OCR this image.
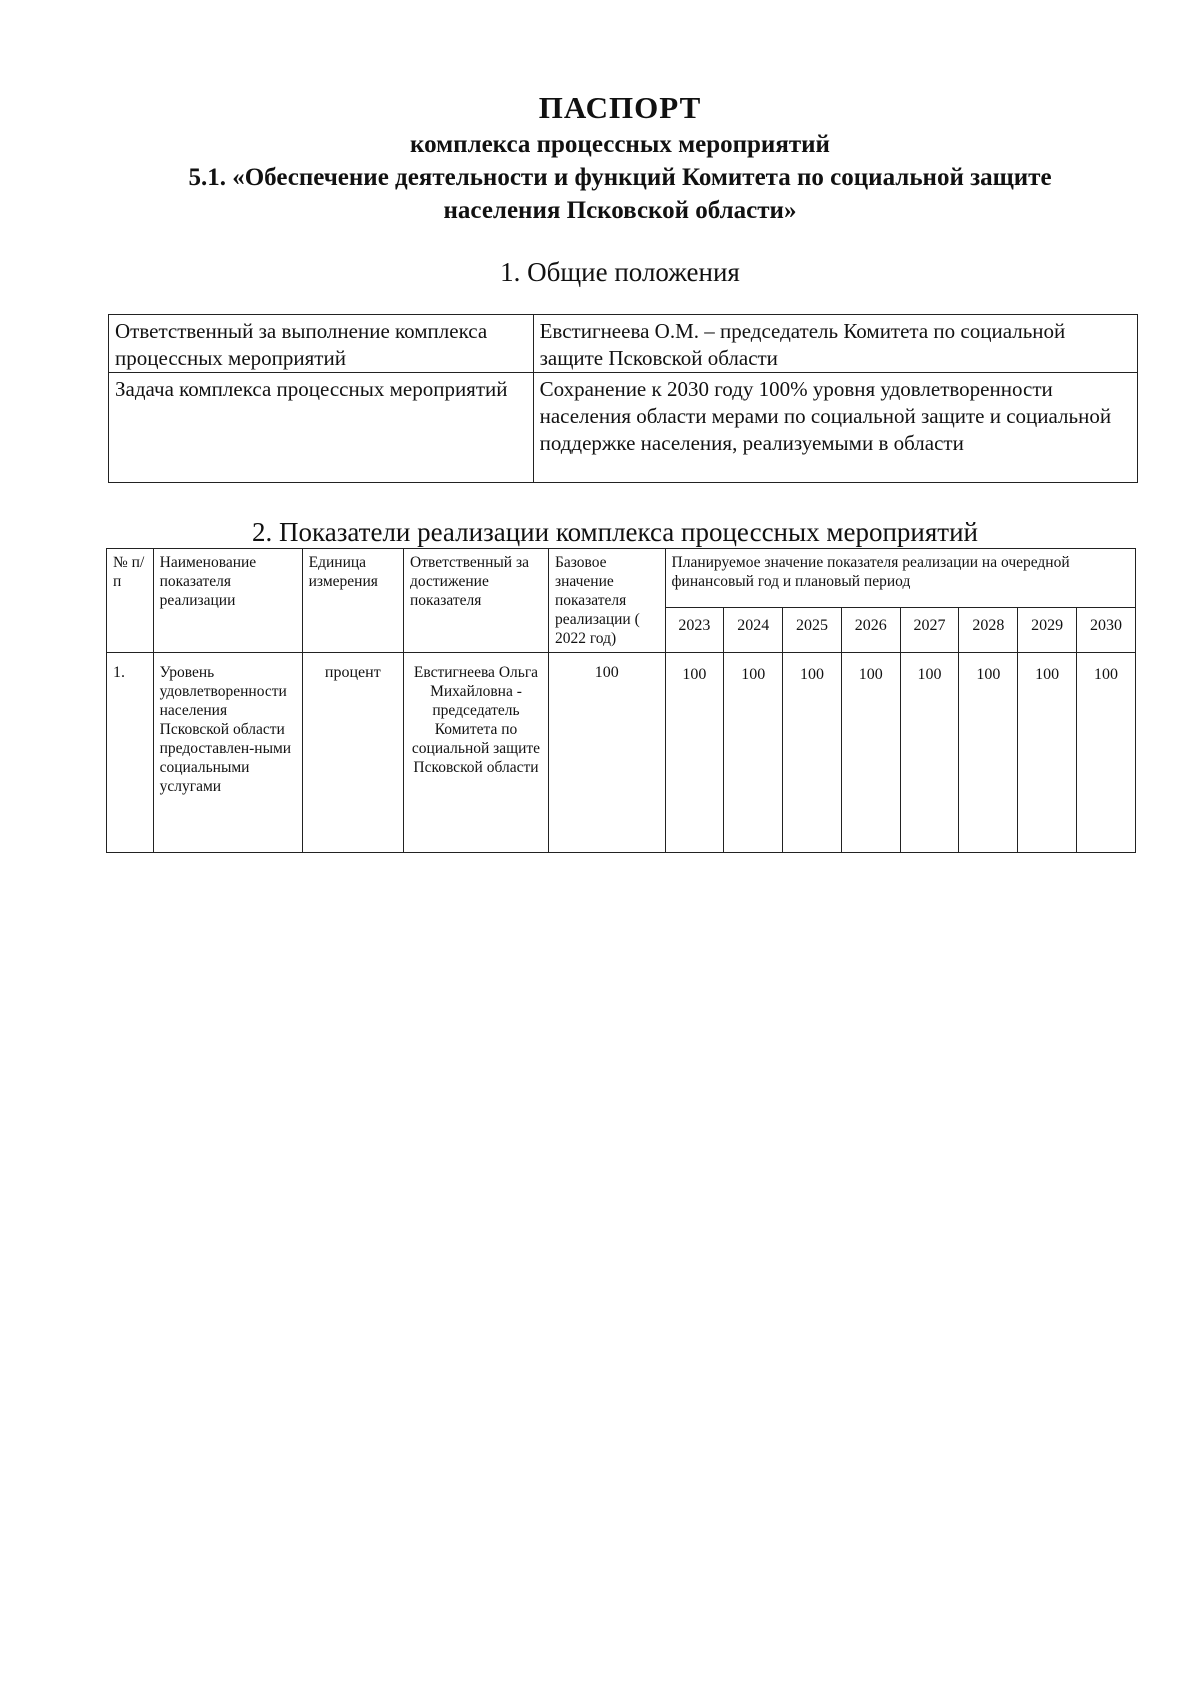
ПАСПОРТ
комплекса процессных мероприятий
5.1. «Обеспечение деятельности и функций Комитета по социальной защите
населения Псковской области»
1. Общие положения
Ответственный за выполнение комплекса процессных мероприятий	Евстигнеева О.М. – председатель Комитета по социальной защите Псковской области
Задача комплекса процессных мероприятий	Сохранение к 2030 году 100% уровня удовлетворенности населения области мерами по социальной защите и социальной поддержке населения, реализуемыми в области
2. Показатели реализации комплекса процессных мероприятий
№ п/п	Наименование показателя реализации	Единица измерения	Ответственный за достижение показателя	Базовое значение показателя реализации ( 2022 год)	Планируемое значение показателя реализации на очередной финансовый год и плановый период							
					2023	2024	2025	2026	2027	2028	2029	2030
1.	Уровень удовлетворенности населения Псковской области предоставлен-ными социальными услугами	процент	Евстигнеева Ольга Михайловна - председатель Комитета по социальной защите Псковской области	100	100	100	100	100	100	100	100	100
